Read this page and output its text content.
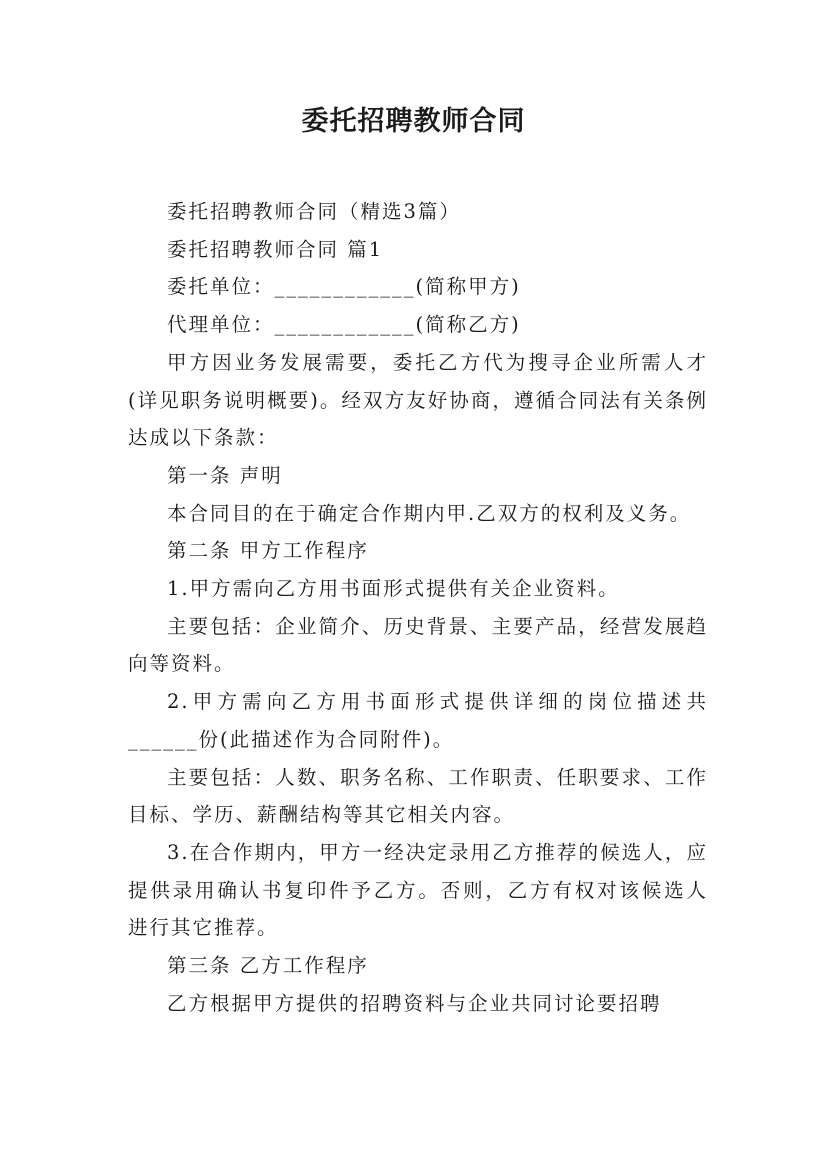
委托招聘教师合同

委托招聘教师合同（精选3篇）

委托招聘教师合同 篇1

委托单位：____________(简称甲方)

代理单位：____________(简称乙方)

甲方因业务发展需要，委托乙方代为搜寻企业所需人才(详见职务说明概要)。经双方友好协商，遵循合同法有关条例达成以下条款：

第一条 声明

本合同目的在于确定合作期内甲.乙双方的权利及义务。

第二条 甲方工作程序

1.甲方需向乙方用书面形式提供有关企业资料。

主要包括：企业简介、历史背景、主要产品，经营发展趋向等资料。

2.甲方需向乙方用书面形式提供详细的岗位描述共______份(此描述作为合同附件)。

主要包括：人数、职务名称、工作职责、任职要求、工作目标、学历、薪酬结构等其它相关内容。

3.在合作期内，甲方一经决定录用乙方推荐的候选人，应提供录用确认书复印件予乙方。否则，乙方有权对该候选人进行其它推荐。

第三条 乙方工作程序

乙方根据甲方提供的招聘资料与企业共同讨论要招聘
